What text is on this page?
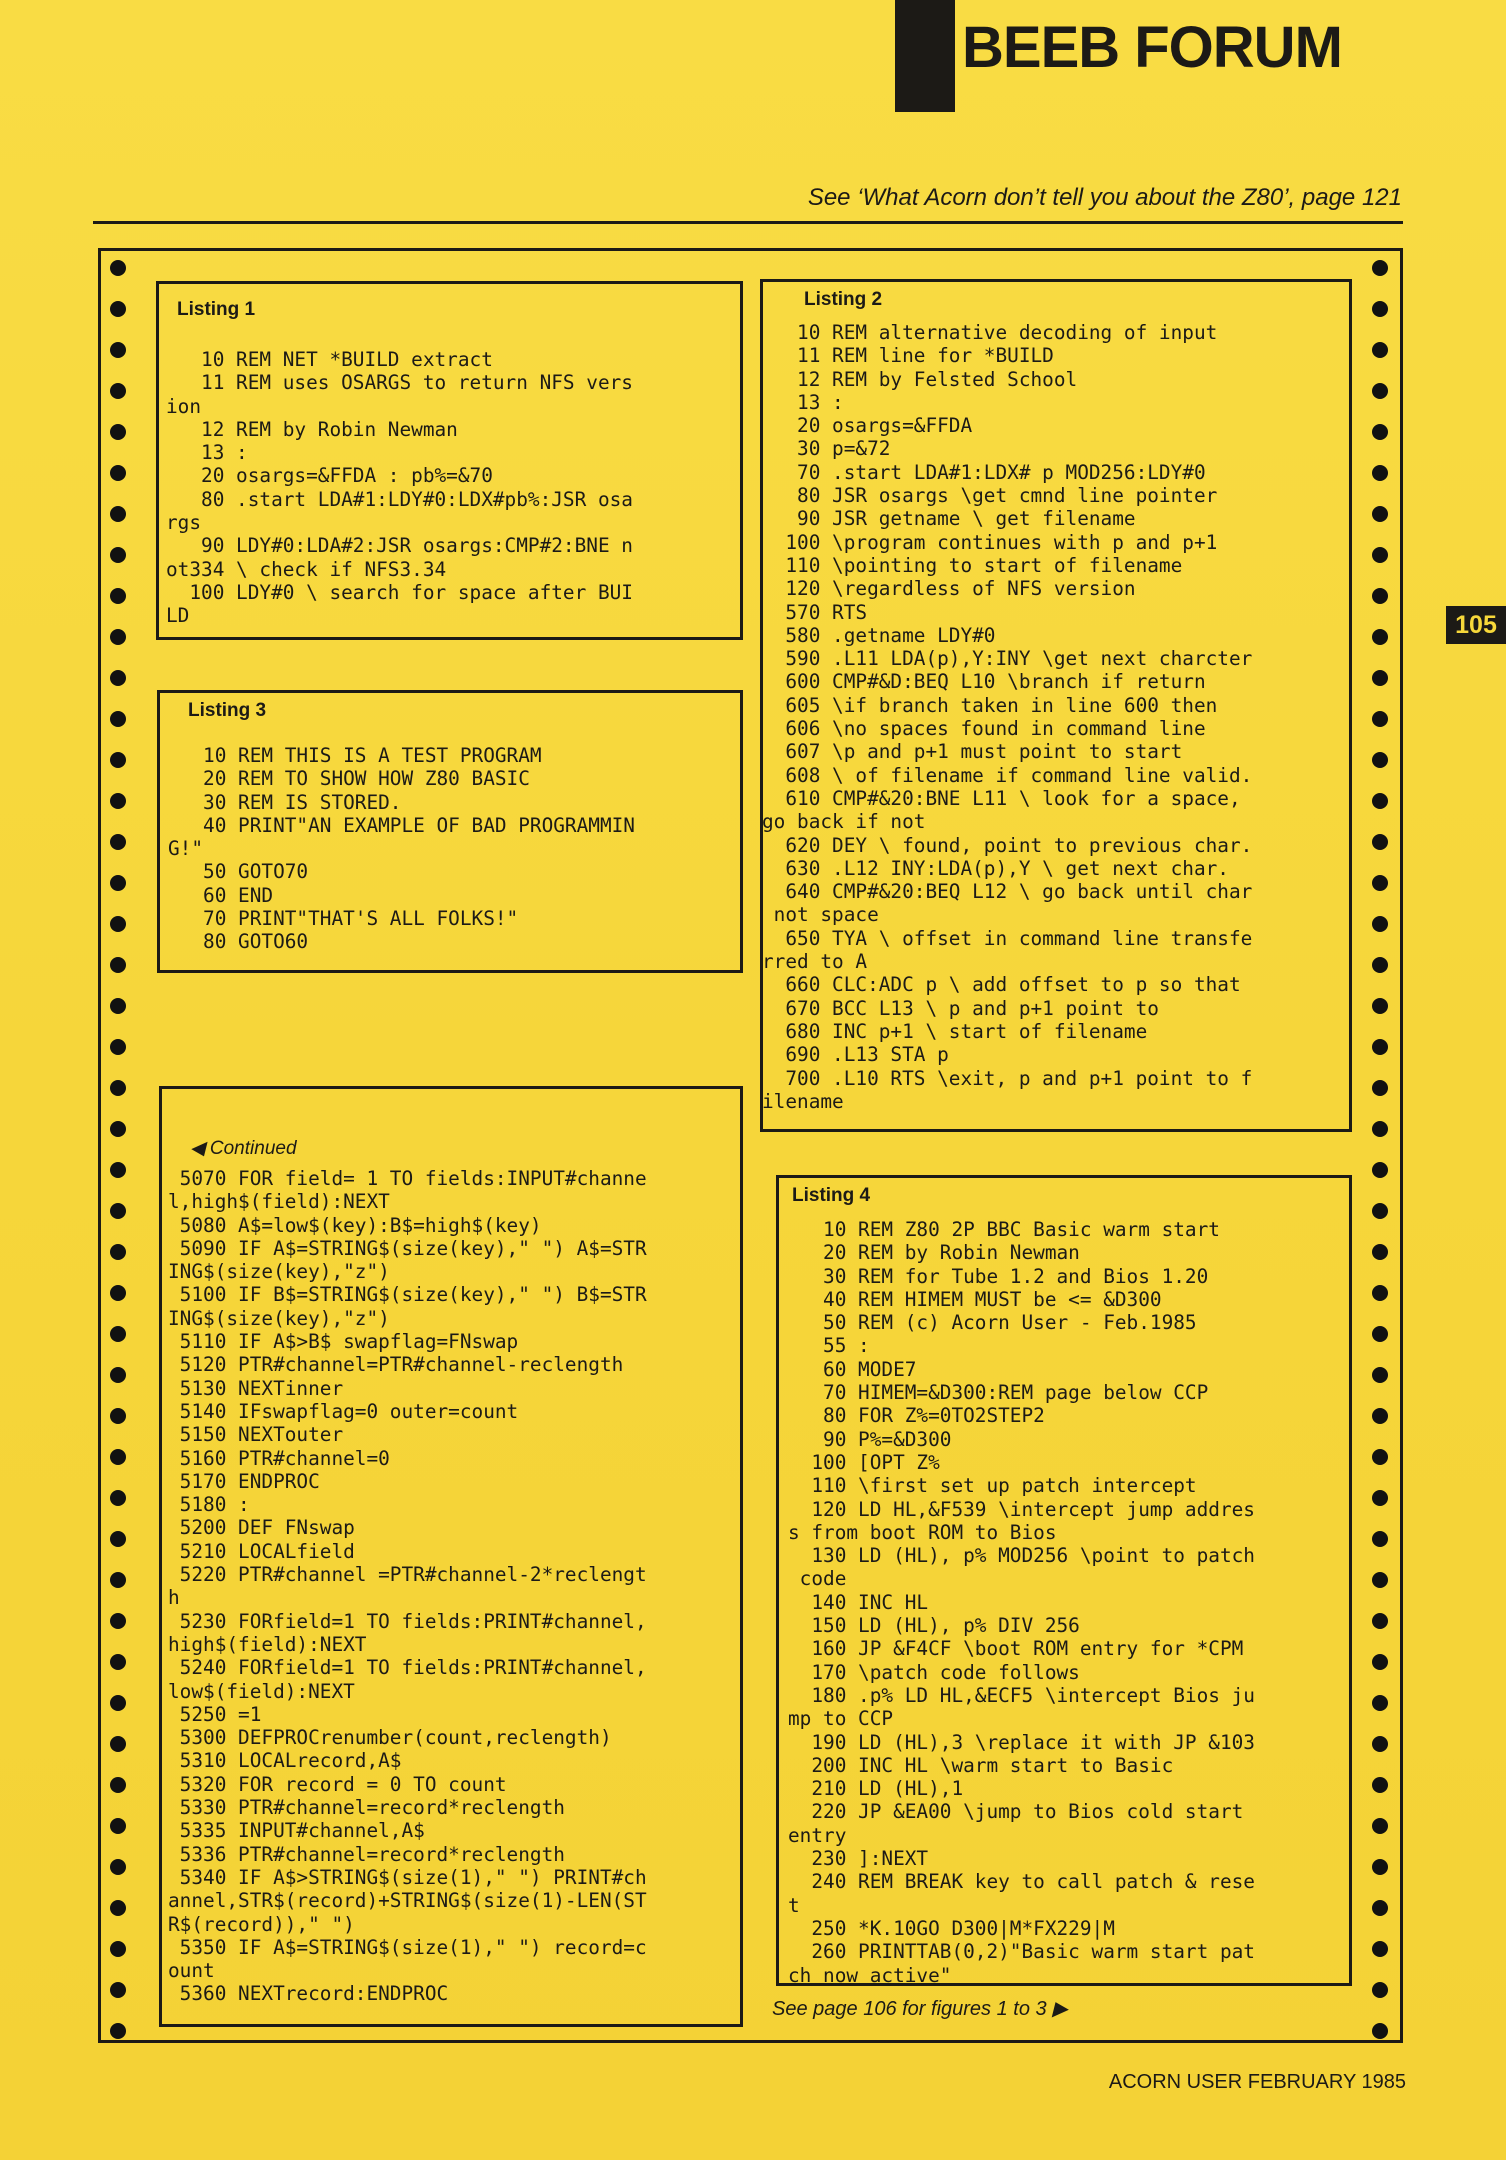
BEEB FORUM
See ‘What Acorn don’t tell you about the Z80’, page 121
105
Listing 1
10 REM NET *BUILD extract
11 REM uses OSARGS to return NFS vers
ion
12 REM by Robin Newman
13 :
20 osargs=&FFDA : pb%=&70
80 .start LDA#1:LDY#0:LDX#pb%:JSR osa
rgs
90 LDY#0:LDA#2:JSR osargs:CMP#2:BNE n
ot334 \ check if NFS3.34
100 LDY#0 \ search for space after BUI
LD
Listing 2
10 REM alternative decoding of input
11 REM line for *BUILD
12 REM by Felsted School
13 :
20 osargs=&FFDA
30 p=&72
70 .start LDA#1:LDX# p MOD256:LDY#0
80 JSR osargs \get cmnd line pointer
90 JSR getname \ get filename
100 \program continues with p and p+1
110 \pointing to start of filename
120 \regardless of NFS version
570 RTS
580 .getname LDY#0
590 .L11 LDA(p),Y:INY \get next charcter
600 CMP#&D:BEQ L10 \branch if return
605 \if branch taken in line 600 then
606 \no spaces found in command line
607 \p and p+1 must point to start
608 \ of filename if command line valid.
610 CMP#&20:BNE L11 \ look for a space,
go back if not
620 DEY \ found, point to previous char.
630 .L12 INY:LDA(p),Y \ get next char.
640 CMP#&20:BEQ L12 \ go back until char
not space
650 TYA \ offset in command line transfe
rred to A
660 CLC:ADC p \ add offset to p so that
670 BCC L13 \ p and p+1 point to
680 INC p+1 \ start of filename
690 .L13 STA p
700 .L10 RTS \exit, p and p+1 point to f
ilename
Listing 3
10 REM THIS IS A TEST PROGRAM
20 REM TO SHOW HOW Z80 BASIC
30 REM IS STORED.
40 PRINT"AN EXAMPLE OF BAD PROGRAMMIN
G!"
50 GOTO70
60 END
70 PRINT"THAT'S ALL FOLKS!"
80 GOTO60
◀ Continued
5070 FOR field= 1 TO fields:INPUT#channe
l,high$(field):NEXT
5080 A$=low$(key):B$=high$(key)
5090 IF A$=STRING$(size(key)," ") A$=STR
ING$(size(key),"z")
5100 IF B$=STRING$(size(key)," ") B$=STR
ING$(size(key),"z")
5110 IF A$>B$ swapflag=FNswap
5120 PTR#channel=PTR#channel-reclength
5130 NEXTinner
5140 IFswapflag=0 outer=count
5150 NEXTouter
5160 PTR#channel=0
5170 ENDPROC
5180 :
5200 DEF FNswap
5210 LOCALfield
5220 PTR#channel =PTR#channel-2*reclengt
h
5230 FORfield=1 TO fields:PRINT#channel,
high$(field):NEXT
5240 FORfield=1 TO fields:PRINT#channel,
low$(field):NEXT
5250 =1
5300 DEFPROCrenumber(count,reclength)
5310 LOCALrecord,A$
5320 FOR record = 0 TO count
5330 PTR#channel=record*reclength
5335 INPUT#channel,A$
5336 PTR#channel=record*reclength
5340 IF A$>STRING$(size(1)," ") PRINT#ch
annel,STR$(record)+STRING$(size(1)-LEN(ST
R$(record))," ")
5350 IF A$=STRING$(size(1)," ") record=c
ount
5360 NEXTrecord:ENDPROC
Listing 4
10 REM Z80 2P BBC Basic warm start
20 REM by Robin Newman
30 REM for Tube 1.2 and Bios 1.20
40 REM HIMEM MUST be <= &D300
50 REM (c) Acorn User - Feb.1985
55 :
60 MODE7
70 HIMEM=&D300:REM page below CCP
80 FOR Z%=0TO2STEP2
90 P%=&D300
100 [OPT Z%
110 \first set up patch intercept
120 LD HL,&F539 \intercept jump addres
s from boot ROM to Bios
130 LD (HL), p% MOD256 \point to patch
code
140 INC HL
150 LD (HL), p% DIV 256
160 JP &F4CF \boot ROM entry for *CPM
170 \patch code follows
180 .p% LD HL,&ECF5 \intercept Bios ju
mp to CCP
190 LD (HL),3 \replace it with JP &103
200 INC HL \warm start to Basic
210 LD (HL),1
220 JP &EA00 \jump to Bios cold start
entry
230 ]:NEXT
240 REM BREAK key to call patch & rese
t
250 *K.10GO D300|M*FX229|M
260 PRINTTAB(0,2)"Basic warm start pat
ch now active"
See page 106 for figures 1 to 3 ▶
ACORN USER FEBRUARY 1985
